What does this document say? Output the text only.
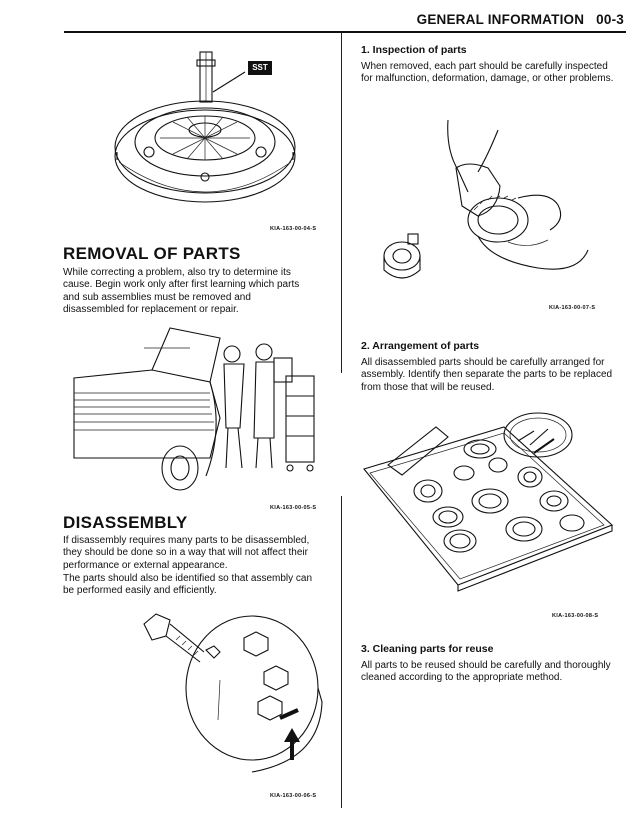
GENERAL INFORMATION 00-3
SST
KIA-163-00-04-S
REMOVAL OF PARTS
While correcting a problem, also try to determine its
cause. Begin work only after first learning which parts
and sub assemblies must be removed and
disassembled for replacement or repair.
KIA-163-00-05-S
DISASSEMBLY
If disassembly requires many parts to be disassembled,
they should be done so in a way that will not affect their
performance or external appearance.
The parts should also be identified so that assembly can
be performed easily and efficiently.
KIA-163-00-06-S
1. Inspection of parts
When removed, each part should be carefully inspected
for malfunction, deformation, damage, or other problems.
KIA-163-00-07-S
2. Arrangement of parts
All disassembled parts should be carefully arranged for
assembly. Identify then separate the parts to be replaced
from those that will be reused.
KIA-163-00-08-S
3. Cleaning parts for reuse
All parts to be reused should be carefully and thoroughly
cleaned according to the appropriate method.
